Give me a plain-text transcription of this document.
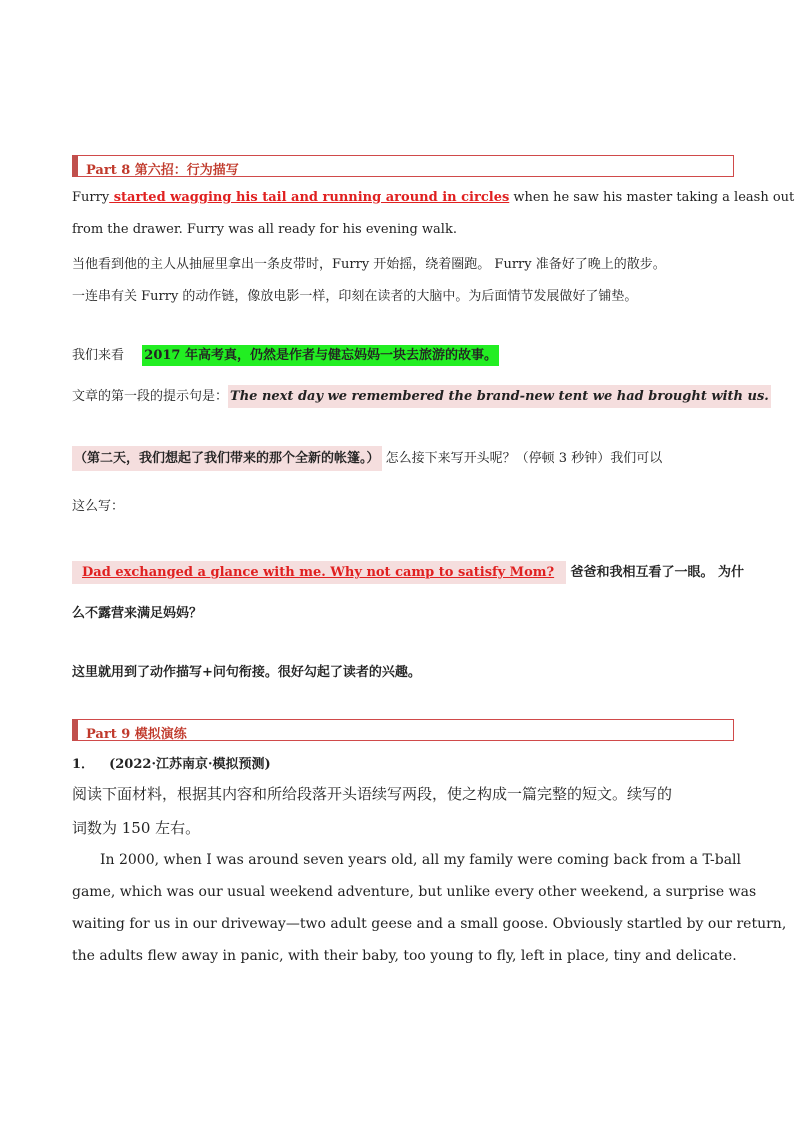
Part 8 第六招：行为描写
Furry started wagging his tail and running around in circles when he saw his master taking a leash out
from the drawer. Furry was all ready for his evening walk.
当他看到他的主人从抽屉里拿出一条皮带时，Furry 开始摇，绕着圈跑。 Furry 准备好了晚上的散步。
一连串有关 Furry 的动作链，像放电影一样，印刻在读者的大脑中。为后面情节发展做好了铺垫。
我们来看 2017 年高考真，仍然是作者与健忘妈妈一块去旅游的故事。
文章的第一段的提示句是： The next day we remembered the brand-new tent we had brought with us.
（第二天，我们想起了我们带来的那个全新的帐篷。） 怎么接下来写开头呢？（停顿 3 秒钟）我们可以
这么写：
Dad exchanged a glance with me. Why not camp to satisfy Mom? 爸爸和我相互看了一眼。 为什
么不露营来满足妈妈？
这里就用到了动作描写+问句衔接。很好勾起了读者的兴趣。
Part 9 模拟演练
1． (2022·江苏南京·模拟预测)
阅读下面材料，根据其内容和所给段落开头语续写两段，使之构成一篇完整的短文。续写的
词数为 150 左右。
In 2000, when I was around seven years old, all my family were coming back from a T-ball
game, which was our usual weekend adventure, but unlike every other weekend, a surprise was
waiting for us in our driveway—two adult geese and a small goose. Obviously startled by our return,
the adults flew away in panic, with their baby, too young to fly, left in place, tiny and delicate.
